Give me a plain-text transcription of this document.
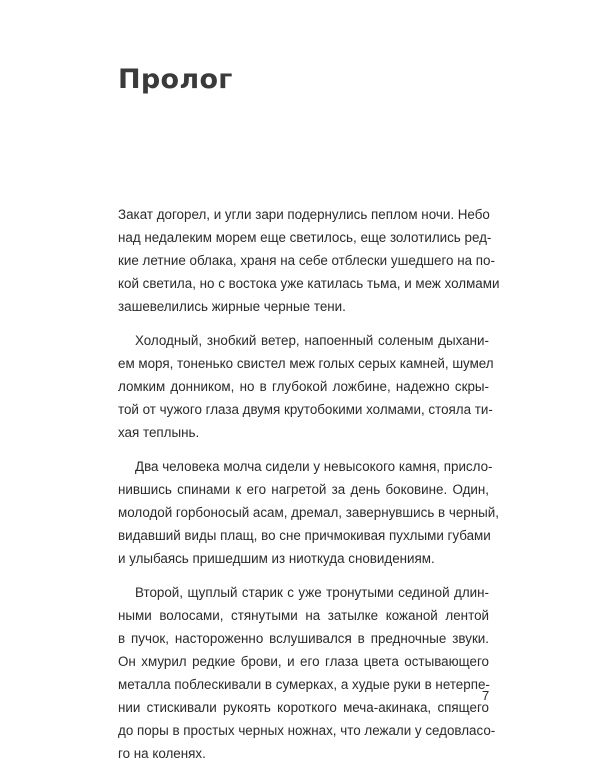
Пролог
Закат догорел, и угли зари подернулись пеплом ночи. Небо
над недалеким морем еще светилось, еще золотились ред-
кие летние облака, храня на себе отблески ушедшего на по-
кой светила, но с востока уже катилась тьма, и меж холмами
зашевелились жирные черные тени.
Холодный, знобкий ветер, напоенный соленым дыхани-
ем моря, тоненько свистел меж голых серых камней, шумел
ломким донником, но в глубокой ложбине, надежно скры-
той от чужого глаза двумя крутобокими холмами, стояла ти-
хая теплынь.
Два человека молча сидели у невысокого камня, присло-
нившись спинами к его нагретой за день боковине. Один,
молодой горбоносый асам, дремал, завернувшись в черный,
видавший виды плащ, во сне причмокивая пухлыми губами
и улыбаясь пришедшим из ниоткуда сновидениям.
Второй, щуплый старик с уже тронутыми сединой длин-
ными волосами, стянутыми на затылке кожаной лентой
в пучок, настороженно вслушивался в предночные звуки.
Он хмурил редкие брови, и его глаза цвета остывающего
металла поблескивали в сумерках, а худые руки в нетерпе-
нии стискивали рукоять короткого меча-акинака, спящего
до поры в простых черных ножнах, что лежали у седовласо-
го на коленях.
7
